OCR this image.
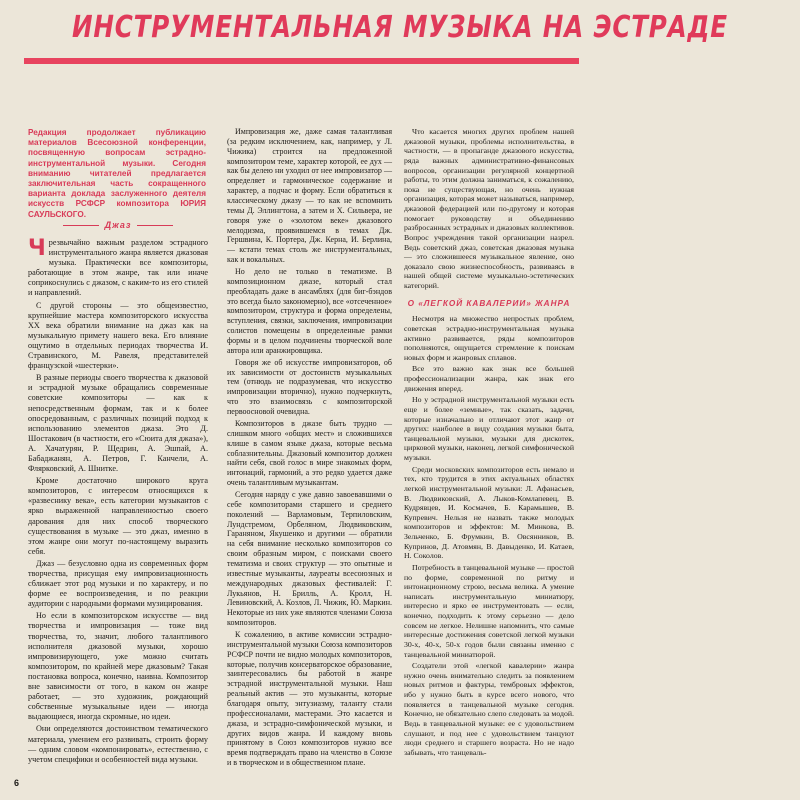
ИНСТРУМЕНТАЛЬНАЯ МУЗЫКА НА ЭСТРАДЕ
Редакция продолжает публикацию материалов Всесоюзной конференции, посвященную вопросам эстрадно-инструментальной музыки. Сегодня вниманию читателей предлагается заключительная часть сокращенного варианта доклада заслуженного деятеля искусств РСФСР композитора ЮРИЯ САУЛЬСКОГО.
Джаз

Чрезвычайно важным разделом эстрадного инструментального жанра является джазовая музыка. Практически все композиторы, работающие в этом жанре, так или иначе соприкоснулись с джазом, с каким-то из его стилей и направлений.

С другой стороны — это общеизвестно, крупнейшие мастера композиторского искусства XX века обратили внимание на джаз как на музыкальную примету нашего века. Его влияние ощутимо в отдельных периодах творчества И. Стравинского, М. Равеля, представителей французской «шестерки».

В разные периоды своего творчества к джазовой и эстрадной музыке обращались современные советские композиторы — как к непосредственным формам, так и к более опосредованным, с различных позиций подход к использованию элементов джаза. Это Д. Шостакович (в частности, его «Сюита для джаза»), А. Хачатурян, Р. Щедрин, А. Эшпай, А. Бабаджанян, А. Петров, Г. Канчели, А. Флярковский, А. Шнитке.

Кроме достаточно широкого круга композиторов, с интересом относящихся к «развеснику века», есть категории музыкантов с ярко выраженной направленностью своего дарования для них способ творческого существования в музыке — это джаз, именно в этом жанре они могут по-настоящему выразить себя.

Джаз — безусловно одна из современных форм творчества, присущая ему импровизационность сближает этот род музыки и по характеру, и по форме ее воспроизведения, и по реакции аудитории с народными формами музицирования.

Но если в композиторском искусстве — вид творчества и импровизация — тоже вид творчества, то, значит, любого талантливого исполнителя джазовой музыки, хорошо импровизирующего, уже можно считать композитором, по крайней мере джазовым? Такая постановка вопроса, конечно, наивна. Композитор вне зависимости от того, в каком он жанре работает, — это художник, рождающий собственные музыкальные идеи — иногда выдающиеся, иногда скромные, но идеи.

Они определяются достоинством тематического материала, умением его развивать, строить форму — одним словом «компонировать», естественно, с учетом специфики и особенностей вида музыки.

Импровизация же, даже самая талантливая (за редким исключением, как, например, у Л. Чижика) строится на предложенной композитором теме, характер которой, ее дух — как бы делею ни уходил от нее импровизатор — определяет и гармоническое содержание и характер, а подчас и форму. Если обратиться к классическому джазу — то как не вспомнить темы Д. Эллингтона, а затем и Х. Сильвера, не говоря уже о «золотом веке» джазового мелодизма, проявившемся в темах Дж. Гершвина, К. Портера, Дж. Керна, И. Берлина,— кстати темах столь же инструментальных, как и вокальных.

Но дело не только в тематизме. В композиционном джазе, который стал преобладать даже в ансамблях (для биг-бэндов это всегда было закономерно), все «отсеченное» композитором, структура и форма определены, вступления, связки, заключения, импровизации солистов помещены в определенные рамки формы и в целом подчинены творческой воле автора или аранжировщика.

Говоря же об искусстве импровизаторов, об их зависимости от достоинств музыкальных тем (отнюдь не подразумевая, что искусство импровизации вторично), нужно подчеркнуть, что это взаимосвязь с композиторской первоосновой очевидна.

Композиторов в джазе быть трудно — слишком много «общих мест» и сложившихся клише в самом языке джаза, которые весьма соблазнительны. Джазовый композитор должен найти себя, свой голос в мире знакомых форм, интонаций, гармоний, а это редко удается даже очень талантливым музыкантам.

Сегодня наряду с уже давно завоевавшими о себе композиторами старшего и среднего поколений — Варламовым, Терпиловским, Лундстремом, Орбеляном, Людвиковским, Гараняном, Якушенко и другими — обратили на себя внимание несколько композиторов со своим образным миром, с поисками своего тематизма и своих структур — это опытные и известные музыканты, лауреаты всесоюзных и международных джазовых фестивалей: Г. Лукьянов, Н. Брилль, А. Кролл, Н. Левиновский, А. Козлов, Л. Чижик, Ю. Маркин. Некоторые из них уже являются членами Союза композиторов.

К сожалению, в активе комиссии эстрадно-инструментальной музыки Союза композиторов РСФСР почти не видно молодых композиторов, которые, получив консерваторское образование, заинтересовались бы работой в жанре эстрадной инструментальной музыки. Наш реальный актив — это музыканты, которые благодаря опыту, энтузиазму, таланту стали профессионалами, мастерами. Это касается и джаза, и эстрадно-симфонической музыки, и других видов жанра. И каждому вновь принятому в Союз композиторов нужно все время подтверждать право на членство в Союзе и в творческом и в общественном плане.

Что касается многих других проблем нашей джазовой музыки, проблемы исполнительства, в частности, — в пропаганде джазового искусства, ряда важных административно-финансовых вопросов, организации регулярной концертной работы, то этим должна заниматься, к сожалению, пока не существующая, но очень нужная организация, которая может называться, например, джазовой федерацией или по-другому и которая помогает руководству и объединению разбросанных эстрадных и джазовых коллективов. Вопрос учреждения такой организации назрел. Ведь советский джаз, советская джазовая музыка — это сложившееся музыкальное явление, оно доказало свою жизнеспособность, развиваясь в нашей общей системе музыкально-эстетических категорий.

О «ЛЕГКОЙ КАВАЛЕРИИ» ЖАНРА

Несмотря на множество непростых проблем, советская эстрадно-инструментальная музыка активно развивается, ряды композиторов пополняются, ощущается стремление к поискам новых форм и жанровых сплавов.

Все это важно как знак все большей профессионализации жанра, как знак его движения вперед.

Но у эстрадной инструментальной музыки есть еще и более «земные», так сказать, задачи, которые изначально и отличают этот жанр от других: наиболее в виду создания музыки быта, танцевальной музыки, музыки для дискотек, цирковой музыки, наконец, легкой симфонической музыки.

Среди московских композиторов есть немало и тех, кто трудится в этих актуальных областях легкой инструментальной музыки: Л. Афанасьев, В. Людвиковский, А. Лыков-Комлапевец, В. Кудрявцев, И. Космачев, Б. Карамышев, В. Купревич. Нельзя не назвать также молодых композиторов и эффектов: М. Минкова, В. Зельченко, Б. Фрумкин, В. Овсянников, В. Купринов, Д. Атовмян, В. Давыденко, И. Катаев, Н. Соколов.

Потребность в танцевальной музыке — простой по форме, современной по ритму и интонационному строю, весьма велика. А умение написать инструментальную миниатюру, интересно и ярко ее инструментовать — если, конечно, подходить к этому серьезно — дело совсем не легкое. Нелишне напомнить, что самые интересные достижения советской легкой музыки 30-х, 40-х, 50-х годов были связаны именно с танцевальной миниатюрой.

Создатели этой «легкой кавалерии» жанра нужно очень внимательно следить за появлением новых ритмов и фактуры, тембровых эффектов, ибо у нужно быть в курсе всего нового, что появляется в танцевальной музыке сегодня. Конечно, не обязательно слепо следовать за модой. Ведь в танцевальной музыке: ее с удовольствием слушают, и под нее с удовольствием танцуют люди среднего и старшего возраста. Но не надо забывать, что танцеваль-

6
